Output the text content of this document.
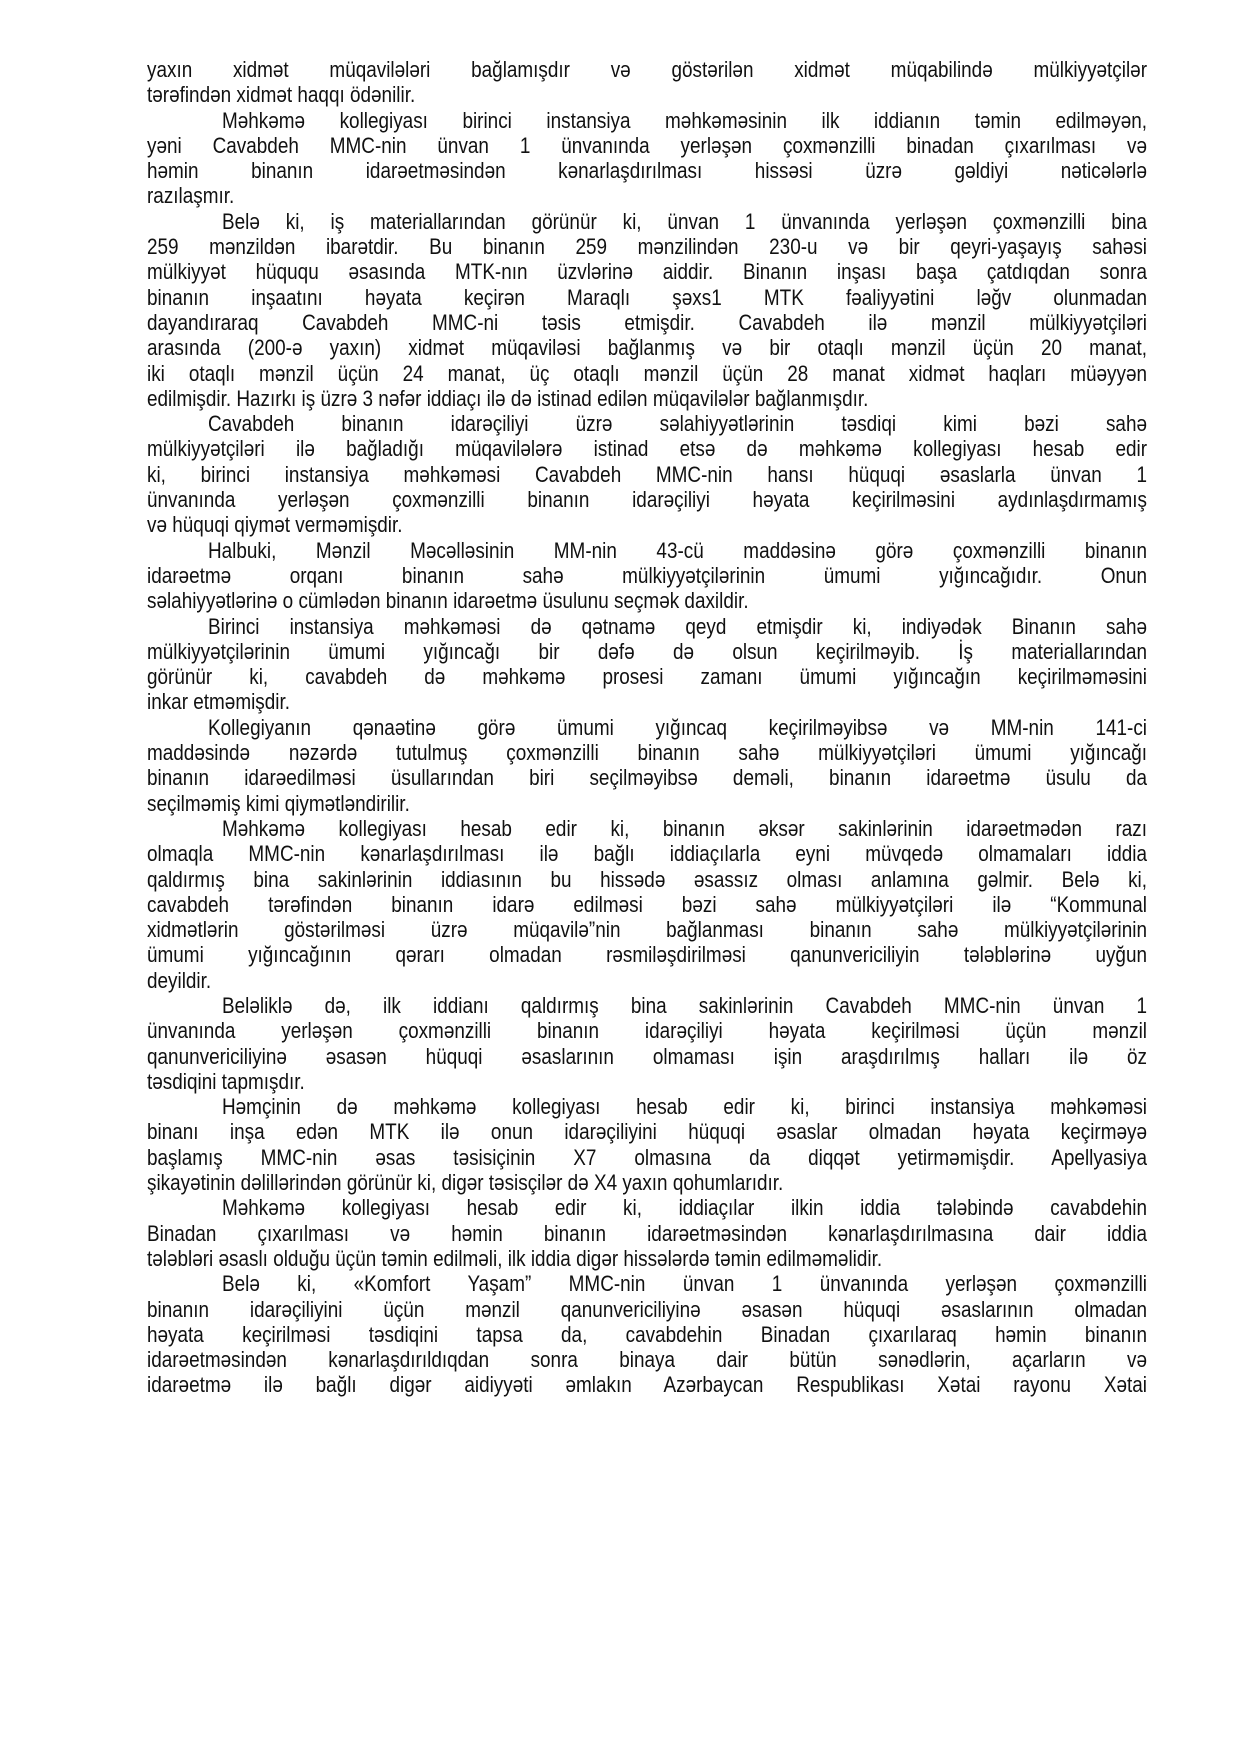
yaxın xidmət müqavilələri bağlamışdır və göstərilən xidmət müqabilində mülkiyyətçilər
tərəfindən xidmət haqqı ödənilir.
Məhkəmə kollegiyası birinci instansiya məhkəməsinin ilk iddianın təmin edilməyən,
yəni Cavabdeh MMC-nin ünvan 1 ünvanında yerləşən çoxmənzilli binadan çıxarılması və
həmin binanın idarəetməsindən kənarlaşdırılması hissəsi üzrə gəldiyi nəticələrlə
razılaşmır.
Belə ki, iş materiallarından görünür ki, ünvan 1 ünvanında yerləşən çoxmənzilli bina
259 mənzildən ibarətdir. Bu binanın 259 mənzilindən 230-u və bir qeyri-yaşayış sahəsi
mülkiyyət hüququ əsasında MTK-nın üzvlərinə aiddir. Binanın inşası başa çatdıqdan sonra
binanın inşaatını həyata keçirən Maraqlı şəxs1 MTK fəaliyyətini ləğv olunmadan
dayandıraraq Cavabdeh MMC-ni təsis etmişdir. Cavabdeh ilə mənzil mülkiyyətçiləri
arasında (200-ə yaxın) xidmət müqaviləsi bağlanmış və bir otaqlı mənzil üçün 20 manat,
iki otaqlı mənzil üçün 24 manat, üç otaqlı mənzil üçün 28 manat xidmət haqları müəyyən
edilmişdir. Hazırkı iş üzrə 3 nəfər iddiaçı ilə də istinad edilən müqavilələr bağlanmışdır.
Cavabdeh binanın idarəçiliyi üzrə səlahiyyətlərinin təsdiqi kimi bəzi sahə
mülkiyyətçiləri ilə bağladığı müqavilələrə istinad etsə də məhkəmə kollegiyası hesab edir
ki, birinci instansiya məhkəməsi Cavabdeh MMC-nin hansı hüquqi əsaslarla ünvan 1
ünvanında yerləşən çoxmənzilli binanın idarəçiliyi həyata keçirilməsini aydınlaşdırmamış
və hüquqi qiymət verməmişdir.
Halbuki, Mənzil Məcəlləsinin MM-nin 43-cü maddəsinə görə çoxmənzilli binanın
idarəetmə orqanı binanın sahə mülkiyyətçilərinin ümumi yığıncağıdır. Onun
səlahiyyətlərinə o cümlədən binanın idarəetmə üsulunu seçmək daxildir.
Birinci instansiya məhkəməsi də qətnamə qeyd etmişdir ki, indiyədək Binanın sahə
mülkiyyətçilərinin ümumi yığıncağı bir dəfə də olsun keçirilməyib. İş materiallarından
görünür ki, cavabdeh də məhkəmə prosesi zamanı ümumi yığıncağın keçirilməməsini
inkar etməmişdir.
Kollegiyanın qənaətinə görə ümumi yığıncaq keçirilməyibsə və MM-nin 141-ci
maddəsində nəzərdə tutulmuş çoxmənzilli binanın sahə mülkiyyətçiləri ümumi yığıncağı
binanın idarəedilməsi üsullarından biri seçilməyibsə deməli, binanın idarəetmə üsulu da
seçilməmiş kimi qiymətləndirilir.
Məhkəmə kollegiyası hesab edir ki, binanın əksər sakinlərinin idarəetmədən razı
olmaqla MMC-nin kənarlaşdırılması ilə bağlı iddiaçılarla eyni müvqedə olmamaları iddia
qaldırmış bina sakinlərinin iddiasının bu hissədə əsassız olması anlamına gəlmir. Belə ki,
cavabdeh tərəfindən binanın idarə edilməsi bəzi sahə mülkiyyətçiləri ilə “Kommunal
xidmətlərin göstərilməsi üzrə müqavilə”nin bağlanması binanın sahə mülkiyyətçilərinin
ümumi yığıncağının qərarı olmadan rəsmiləşdirilməsi qanunvericiliyin tələblərinə uyğun
deyildir.
Beləliklə də, ilk iddianı qaldırmış bina sakinlərinin Cavabdeh MMC-nin ünvan 1
ünvanında yerləşən çoxmənzilli binanın idarəçiliyi həyata keçirilməsi üçün mənzil
qanunvericiliyinə əsasən hüquqi əsaslarının olmaması işin araşdırılmış halları ilə öz
təsdiqini tapmışdır.
Həmçinin də məhkəmə kollegiyası hesab edir ki, birinci instansiya məhkəməsi
binanı inşa edən MTK ilə onun idarəçiliyini hüquqi əsaslar olmadan həyata keçirməyə
başlamış MMC-nin əsas təsisiçinin X7 olmasına da diqqət yetirməmişdir. Apellyasiya
şikayətinin dəlillərindən görünür ki, digər təsisçilər də X4 yaxın qohumlarıdır.
Məhkəmə kollegiyası hesab edir ki, iddiaçılar ilkin iddia tələbində cavabdehin
Binadan çıxarılması və həmin binanın idarəetməsindən kənarlaşdırılmasına dair iddia
tələbləri əsaslı olduğu üçün təmin edilməli, ilk iddia digər hissələrdə təmin edilməməlidir.
Belə ki, «Komfort Yaşam” MMC-nin ünvan 1 ünvanında yerləşən çoxmənzilli
binanın idarəçiliyini üçün mənzil qanunvericiliyinə əsasən hüquqi əsaslarının olmadan
həyata keçirilməsi təsdiqini tapsa da, cavabdehin Binadan çıxarılaraq həmin binanın
idarəetməsindən kənarlaşdırıldıqdan sonra binaya dair bütün sənədlərin, açarların və
idarəetmə ilə bağlı digər aidiyyəti əmlakın Azərbaycan Respublikası Xətai rayonu Xətai
